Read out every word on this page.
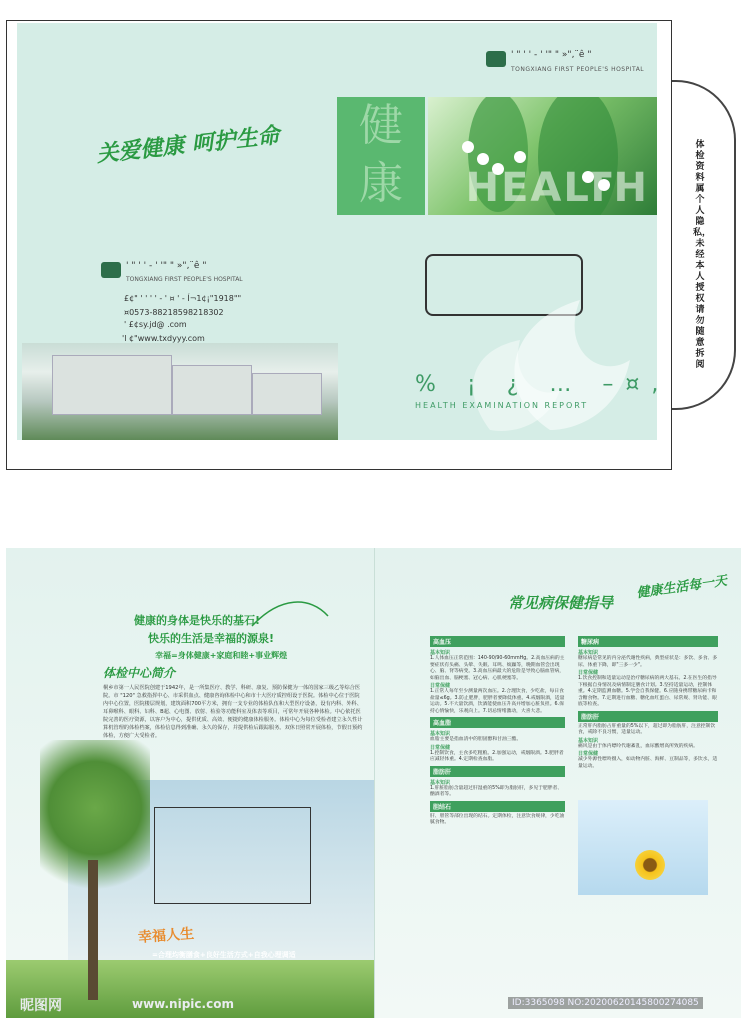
体检资料属个人隐私，未经本人授权请勿随意拆阅
' " ' ' - ' '" " »",¨ê "
TONGXIANG FIRST PEOPLE'S HOSPITAL
健
康	HEALTH
关爱健康 呵护生命
% ¡ ¿ … –¤,
HEALTH EXAMINATION REPORT
' " ' ' - ' '" " »",¨ê "
TONGXIANG FIRST PEOPLE'S HOSPITAL
£¢" ' ' ' ' - ' ¤ ' - Í¬1¢¡"1918""
¤0573-88218598218302
' £¢sy.jd@ .com
'l ¢"www.txdyyy.com
健康的身体是快乐的基石!
快乐的生活是幸福的源泉!
幸福=身体健康+家庭和睦+事业辉煌
体检中心简介
桐乡市第一人民医院创建于1942年，是一所集医疗、教学、科研、康复、预防保健为一体的国家三级乙等综合医院。市 "120" 急救指挥中心、市采供血点、健康咨询体检中心和市十大医疗质控组设于医院。体检中心位于医院内中心位置，医院楼层规划，建筑面积700平方米，拥有一支专业的体检队伍和大型医疗设备，设有内科、外科、耳鼻喉科、眼科、妇科、B超、心电图、放射、检验等功能科室及体表等项目，可常年开展各种体检。中心依托医院完善的医疗资源，以客户为中心，提供优质、高效、便捷的健康体检服务。体检中心为每位受检者建立永久性计算机管理的体检档案，体检信息得到准确、永久的保存，并提供检后跟踪服务。双休日照常开展体检，节假日预约体检，方便广大受检者。
幸福人生
=合理均衡膳食+良好生活方式+自我心理调适
常见病保健指导
健康生活每一天
高血压
基本知识
1.人体血压正常范围：140-90/90-60mmHg。2.高血压病的主要症状有头痛、头晕、失眠、耳鸣、烦躁等，晚期血管会出现心、脑、肾等病变。3.高血压病最大的危险是导致心脑血管病，如脑出血、脑梗塞、冠心病、心肌梗塞等。
日常保健
1.正常人每年至少测量两次血压。2.合理饮食，少吃盐，每日食盐量≤6g。3.防止肥胖，肥胖者要降低体重。4.戒烟限酒，适量运动。5.不大量饮酒，饮酒能使血压升高并增加心脏负担。6.保持心情愉快，乐观向上。7.切忌情绪激动，大喜大悲。
高血脂
基本知识
血脂主要是指血清中的胆固醇和甘油三酯。
日常保健
1.控制饮食，主食多吃粗粮。2.加强运动，戒烟限酒。3.肥胖者应减轻体重。4.定期检查血脂。
脂肪肝
基本知识
1.肝脏脂肪含量超过肝湿重的5%即为脂肪肝，多见于肥胖者、酗酒者等。
胆结石
肝、胆管等部位出现的结石。定期体检，注意饮食规律，少吃油腻食物。
糖尿病
基本知识
糖尿病是常见的内分泌代谢性疾病，典型症状是：多饮、多食、多尿、体重下降，即"三多一少"。
日常保健
1.饮食控制和适量运动是治疗糖尿病的两大基石。2.在医生的指导下根据自身情况及病情制定膳食计划。3.坚持适量运动，控制体重。4.定期监测血糖。5.学会自我保健。6.应随身携带糖尿病卡和含糖食物。7.定期进行血糖、糖化血红蛋白、尿常规、肾功能、眼底等检查。
脂肪肝
正常肝内脂肪占肝重量的5%以下，超过即为脂肪肝，注意控制饮食，戒除不良习惯，适量运动。
基本知识
痛风是由于体内嘌呤代谢紊乱，血尿酸增高所致的疾病。
日常保健
减少外源性嘌呤摄入，如动物内脏、海鲜、豆制品等，多饮水，适量运动。
昵图网	www.nipic.com	ID:3365098 NO:20200620145800274085
